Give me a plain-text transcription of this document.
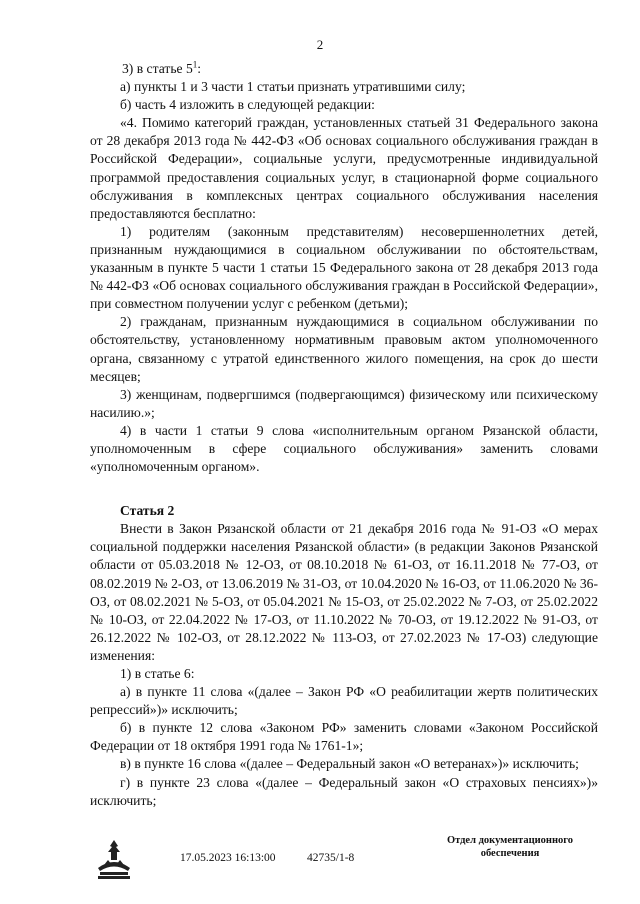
2

3) в статье $5^1$:

а) пункты 1 и 3 части 1 статьи признать утратившими силу;

б) часть 4 изложить в следующей редакции:

«4. Помимо категорий граждан, установленных статьей 31 Федерального закона от 28 декабря 2013 года № 442-ФЗ «Об основах социального обслуживания граждан в Российской Федерации», социальные услуги, предусмотренные индивидуальной программой предоставления социальных услуг, в стационарной форме социального обслуживания в комплексных центрах социального обслуживания населения предоставляются бесплатно:

1) родителям (законным представителям) несовершеннолетних детей, признанным нуждающимися в социальном обслуживании по обстоятельствам, указанным в пункте 5 части 1 статьи 15 Федерального закона от 28 декабря 2013 года № 442-ФЗ «Об основах социального обслуживания граждан в Российской Федерации», при совместном получении услуг с ребенком (детьми);

2) гражданам, признанным нуждающимися в социальном обслуживании по обстоятельству, установленному нормативным правовым актом уполномоченного органа, связанному с утратой единственного жилого помещения, на срок до шести месяцев;

3) женщинам, подвергшимся (подвергающимся) физическому или психическому насилию.»;

4) в части 1 статьи 9 слова «исполнительным органом Рязанской области, уполномоченным в сфере социального обслуживания» заменить словами «уполномоченным органом».

Статья 2

Внести в Закон Рязанской области от 21 декабря 2016 года № 91-ОЗ «О мерах социальной поддержки населения Рязанской области» (в редакции Законов Рязанской области от 05.03.2018 № 12-ОЗ, от 08.10.2018 № 61-ОЗ, от 16.11.2018 № 77-ОЗ, от 08.02.2019 № 2-ОЗ, от 13.06.2019 № 31-ОЗ, от 10.04.2020 № 16-ОЗ, от 11.06.2020 № 36-ОЗ, от 08.02.2021 № 5-ОЗ, от 05.04.2021 № 15-ОЗ, от 25.02.2022 № 7-ОЗ, от 25.02.2022 № 10-ОЗ, от 22.04.2022 № 17-ОЗ, от 11.10.2022 № 70-ОЗ, от 19.12.2022 № 91-ОЗ, от 26.12.2022 № 102-ОЗ, от 28.12.2022 № 113-ОЗ, от 27.02.2023 № 17-ОЗ) следующие изменения:

1) в статье 6:

а) в пункте 11 слова «(далее – Закон РФ «О реабилитации жертв политических репрессий»)» исключить;

б) в пункте 12 слова «Законом РФ» заменить словами «Законом Российской Федерации от 18 октября 1991 года № 1761-1»;

в) в пункте 16 слова «(далее – Федеральный закон «О ветеранах»)» исключить;

г) в пункте 23 слова «(далее – Федеральный закон «О страховых пенсиях»)» исключить;

17.05.2023 16:13:00	42735/1-8
Отдел документационного
обеспечения
